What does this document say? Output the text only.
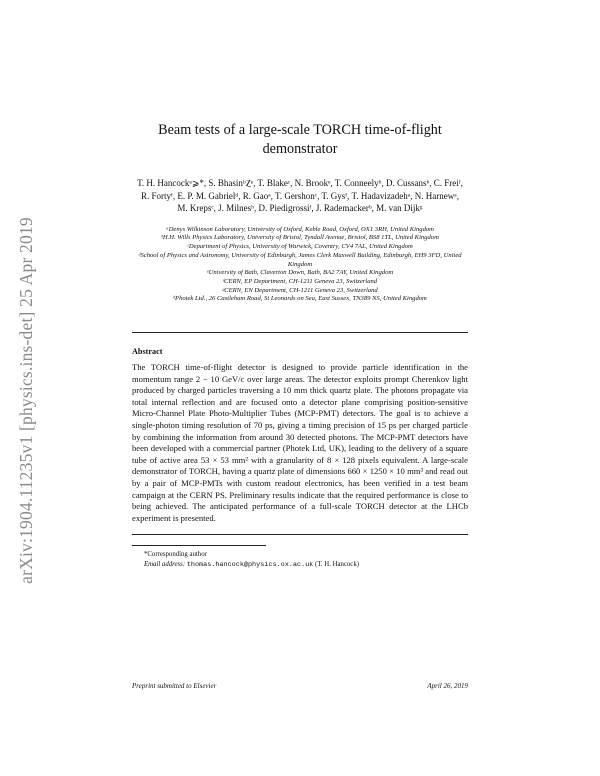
arXiv:1904.11235v1 [physics.ins-det] 25 Apr 2019
Beam tests of a large-scale TORCH time-of-flight
demonstrator
T. H. Hancockᵃ⩾*, S. BhasinᵇⲌᵉ, T. Blakeᶜ, N. Brookᵉ, T. Conneelyʰ, D. Cussansᵇ, C. Freiᶠ, R. Fortyᶠ, E. P. M. Gabrielᵈ, R. Gaoᵃ, T. Gershonᶜ, T. Gysᶠ, T. Hadavizadehᵃ, N. Harnewᵃ, M. Krepsᶜ, J. Milnesʰ, D. Piedigrossiᶠ, J. Rademackerᵇ, M. van Dijkᵍ

ᵃDenys Wilkinson Laboratory, University of Oxford, Keble Road, Oxford, OX1 3RH, United Kingdom

ᵇH.H. Wills Physics Laboratory, University of Bristol, Tyndall Avenue, Bristol, BS8 1TL, United Kingdom

ᶜDepartment of Physics, University of Warwick, Coventry, CV4 7AL, United Kingdom

ᵈSchool of Physics and Astronomy, University of Edinburgh, James Clerk Maxwell Building, Edinburgh, EH9 3FD, United Kingdom

ᵉUniversity of Bath, Claverton Down, Bath, BA2 7AY, United Kingdom

ᶠCERN, EP Department, CH-1211 Geneva 23, Switzerland

ᵍCERN, EN Department, CH-1211 Geneva 23, Switzerland

ʰPhotek Ltd., 26 Castleham Road, St Leonards on Sea, East Sussex, TN389 NS, United Kingdom

Abstract
The TORCH time-of-flight detector is designed to provide particle identification in the momentum range 2 − 10 GeV/c over large areas. The detector exploits prompt Cherenkov light produced by charged particles traversing a 10 mm thick quartz plate. The photons propagate via total internal reflection and are focused onto a detector plane comprising position-sensitive Micro-Channel Plate Photo-Multiplier Tubes (MCP-PMT) detectors. The goal is to achieve a single-photon timing resolution of 70 ps, giving a timing precision of 15 ps per charged particle by combining the information from around 30 detected photons. The MCP-PMT detectors have been developed with a commercial partner (Photek Ltd, UK), leading to the delivery of a square tube of active area 53 × 53 mm² with a granularity of 8 × 128 pixels equivalent. A large-scale demonstrator of TORCH, having a quartz plate of dimensions 660 × 1250 × 10 mm³ and read out by a pair of MCP-PMTs with custom readout electronics, has been verified in a test beam campaign at the CERN PS. Preliminary results indicate that the required performance is close to being achieved. The anticipated performance of a full-scale TORCH detector at the LHCb experiment is presented.
*Corresponding author
Email address: thomas.hancock@physics.ox.ac.uk (T. H. Hancock)
Preprint submitted to Elsevier	April 26, 2019
